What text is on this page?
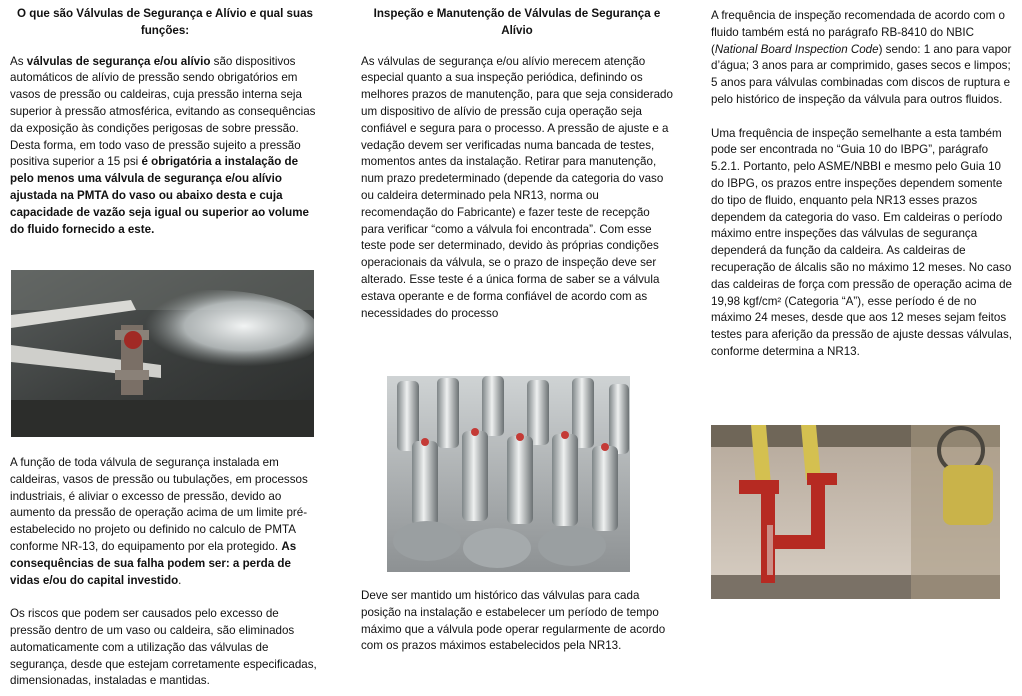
O que são Válvulas de Segurança e Alívio e qual suas funções:

As válvulas de segurança e/ou alívio são dispositivos automáticos de alívio de pressão sendo obrigatórios em vasos de pressão ou caldeiras, cuja pressão interna seja superior à pressão atmosférica, evitando as consequências da exposição às condições perigosas de sobre pressão. Desta forma, em todo vaso de pressão sujeito a pressão positiva superior a 15 psi é obrigatória a instalação de pelo menos uma válvula de segurança e/ou alívio ajustada na PMTA do vaso ou abaixo desta e cuja capacidade de vazão seja igual ou superior ao volume do fluido fornecido a este.

A função de toda válvula de segurança instalada em caldeiras, vasos de pressão ou tubulações, em processos industriais, é aliviar o excesso de pressão, devido ao aumento da pressão de operação acima de um limite pré-estabelecido no projeto ou definido no calculo de PMTA conforme NR-13, do equipamento por ela protegido. As consequências de sua falha podem ser: a perda de vidas e/ou do capital investido.

Os riscos que podem ser causados pelo excesso de pressão dentro de um vaso ou caldeira, são eliminados automaticamente com a utilização das válvulas de segurança, desde que estejam corretamente especificadas, dimensionadas, instaladas e mantidas.

Inspeção e Manutenção de Válvulas de Segurança e Alívio

As válvulas de segurança e/ou alívio merecem atenção especial quanto a sua inspeção periódica, definindo os melhores prazos de manutenção, para que seja considerado um dispositivo de alívio de pressão cuja operação seja confiável e segura para o processo. A pressão de ajuste e a vedação devem ser verificadas numa bancada de testes, momentos antes da instalação. Retirar para manutenção, num prazo predeterminado (depende da categoria do vaso ou caldeira determinado pela NR13, norma ou recomendação do Fabricante) e fazer teste de recepção para verificar “como a válvula foi encontrada”. Com esse teste pode ser determinado, devido às próprias condições operacionais da válvula, se o prazo de inspeção deve ser alterado. Esse teste é a única forma de saber se a válvula estava operante e de forma confiável de acordo com as necessidades do processo

Deve ser mantido um histórico das válvulas para cada posição na instalação e estabelecer um período de tempo máximo que a válvula pode operar regularmente de acordo com os prazos máximos estabelecidos pela NR13.

A frequência de inspeção recomendada de acordo com o fluido também está no parágrafo RB-8410 do NBIC (National Board Inspection Code) sendo: 1 ano para vapor d’água; 3 anos para ar comprimido, gases secos e limpos; 5 anos para válvulas combinadas com discos de ruptura e pelo histórico de inspeção da válvula para outros fluidos.

Uma frequência de inspeção semelhante a esta também pode ser encontrada no “Guia 10 do IBPG”, parágrafo 5.2.1. Portanto, pelo ASME/NBBI e mesmo pelo Guia 10 do IBPG, os prazos entre inspeções dependem somente do tipo de fluido, enquanto pela NR13 esses prazos dependem da categoria do vaso. Em caldeiras o período máximo entre inspeções das válvulas de segurança dependerá da função da caldeira. As caldeiras de recuperação de álcalis são no máximo 12 meses. No caso das caldeiras de força com pressão de operação acima de 19,98 kgf/cm² (Categoria “A”), esse período é de no máximo 24 meses, desde que aos 12 meses sejam feitos testes para aferição da pressão de ajuste dessas válvulas, conforme determina a NR13.
